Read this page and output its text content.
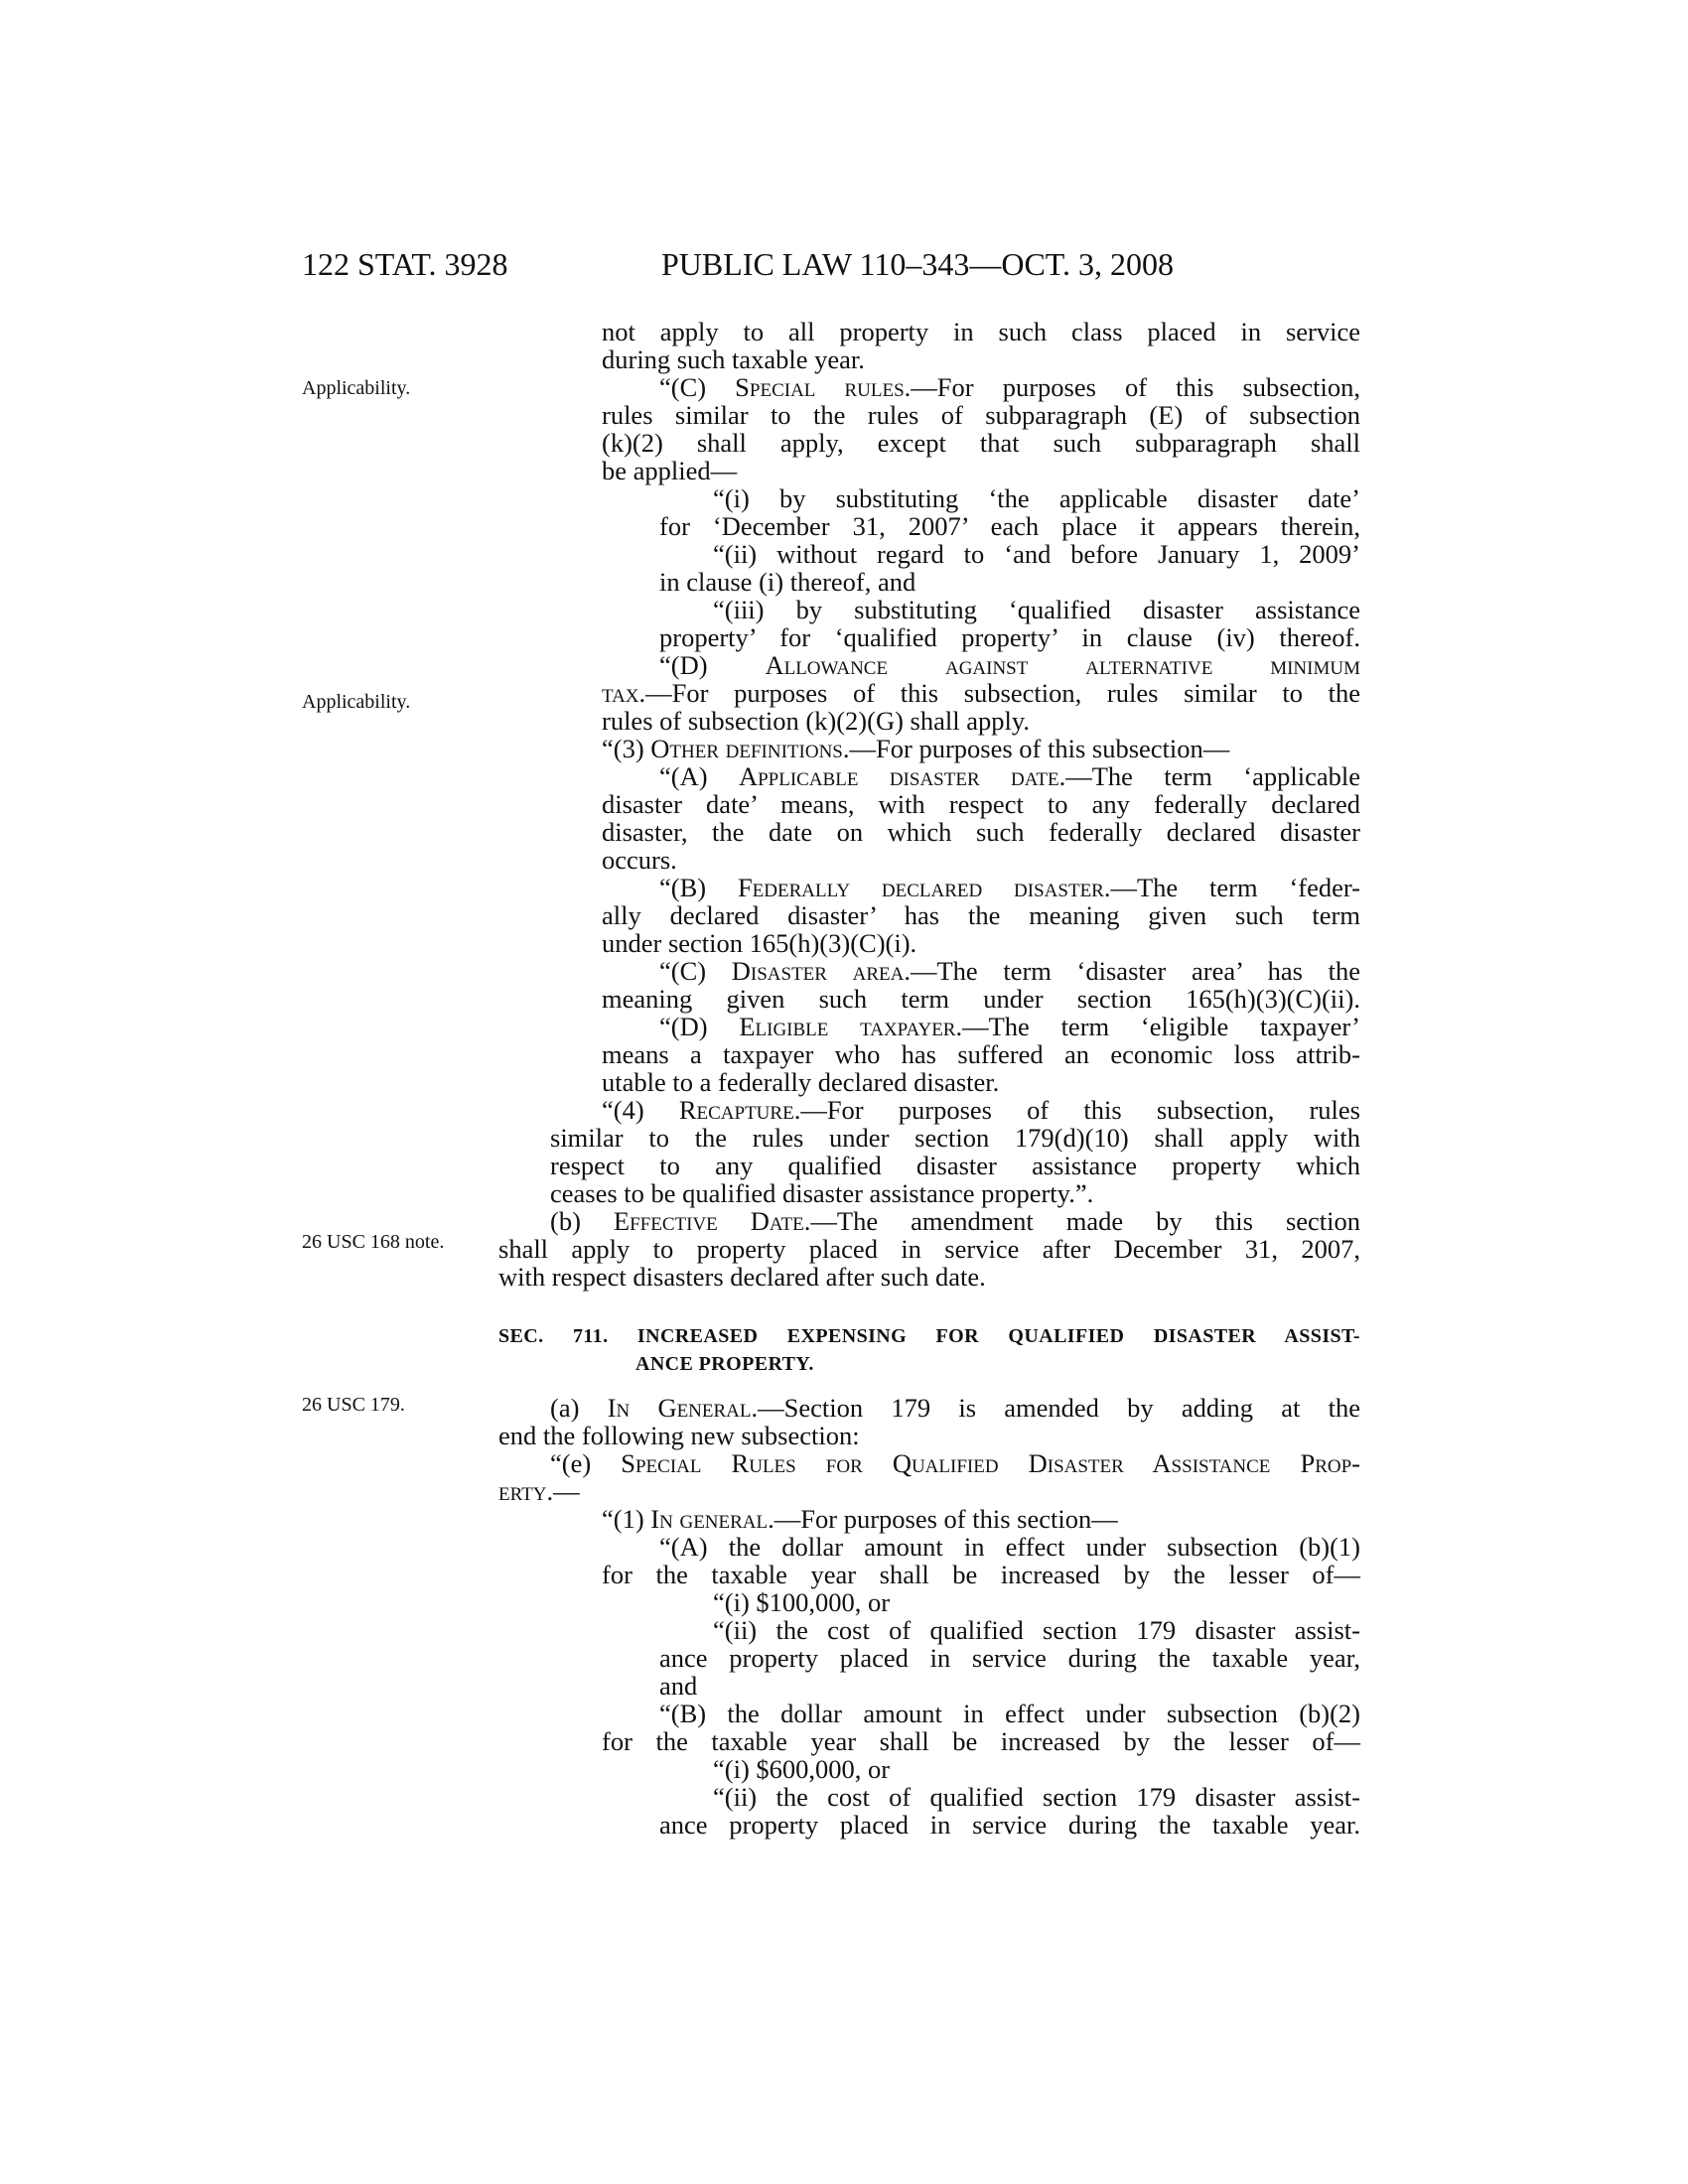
122 STAT. 3928	PUBLIC LAW 110–343—OCT. 3, 2008
Applicability.
Applicability.
26 USC 168 note.
26 USC 179.
not apply to all property in such class placed in service
during such taxable year.
“(C) Special rules.—For purposes of this subsection,
rules similar to the rules of subparagraph (E) of subsection
(k)(2) shall apply, except that such subparagraph shall
be applied—
“(i) by substituting ‘the applicable disaster date’
for ‘December 31, 2007’ each place it appears therein,
“(ii) without regard to ‘and before January 1, 2009’
in clause (i) thereof, and
“(iii) by substituting ‘qualified disaster assistance
property’ for ‘qualified property’ in clause (iv) thereof.
“(D) Allowance against alternative minimum
tax.—For purposes of this subsection, rules similar to the
rules of subsection (k)(2)(G) shall apply.
“(3) Other definitions.—For purposes of this subsection—
“(A) Applicable disaster date.—The term ‘applicable
disaster date’ means, with respect to any federally declared
disaster, the date on which such federally declared disaster
occurs.
“(B) Federally declared disaster.—The term ‘feder-
ally declared disaster’ has the meaning given such term
under section 165(h)(3)(C)(i).
“(C) Disaster area.—The term ‘disaster area’ has the
meaning given such term under section 165(h)(3)(C)(ii).
“(D) Eligible taxpayer.—The term ‘eligible taxpayer’
means a taxpayer who has suffered an economic loss attrib-
utable to a federally declared disaster.
“(4) Recapture.—For purposes of this subsection, rules
similar to the rules under section 179(d)(10) shall apply with
respect to any qualified disaster assistance property which
ceases to be qualified disaster assistance property.”.
(b) Effective Date.—The amendment made by this section
shall apply to property placed in service after December 31, 2007,
with respect disasters declared after such date.
SEC. 711. INCREASED EXPENSING FOR QUALIFIED DISASTER ASSIST-
ANCE PROPERTY.
(a) In General.—Section 179 is amended by adding at the
end the following new subsection:
“(e) Special Rules for Qualified Disaster Assistance Prop-
erty.—
“(1) In general.—For purposes of this section—
“(A) the dollar amount in effect under subsection (b)(1)
for the taxable year shall be increased by the lesser of—
“(i) $100,000, or
“(ii) the cost of qualified section 179 disaster assist-
ance property placed in service during the taxable year,
and
“(B) the dollar amount in effect under subsection (b)(2)
for the taxable year shall be increased by the lesser of—
“(i) $600,000, or
“(ii) the cost of qualified section 179 disaster assist-
ance property placed in service during the taxable year.
